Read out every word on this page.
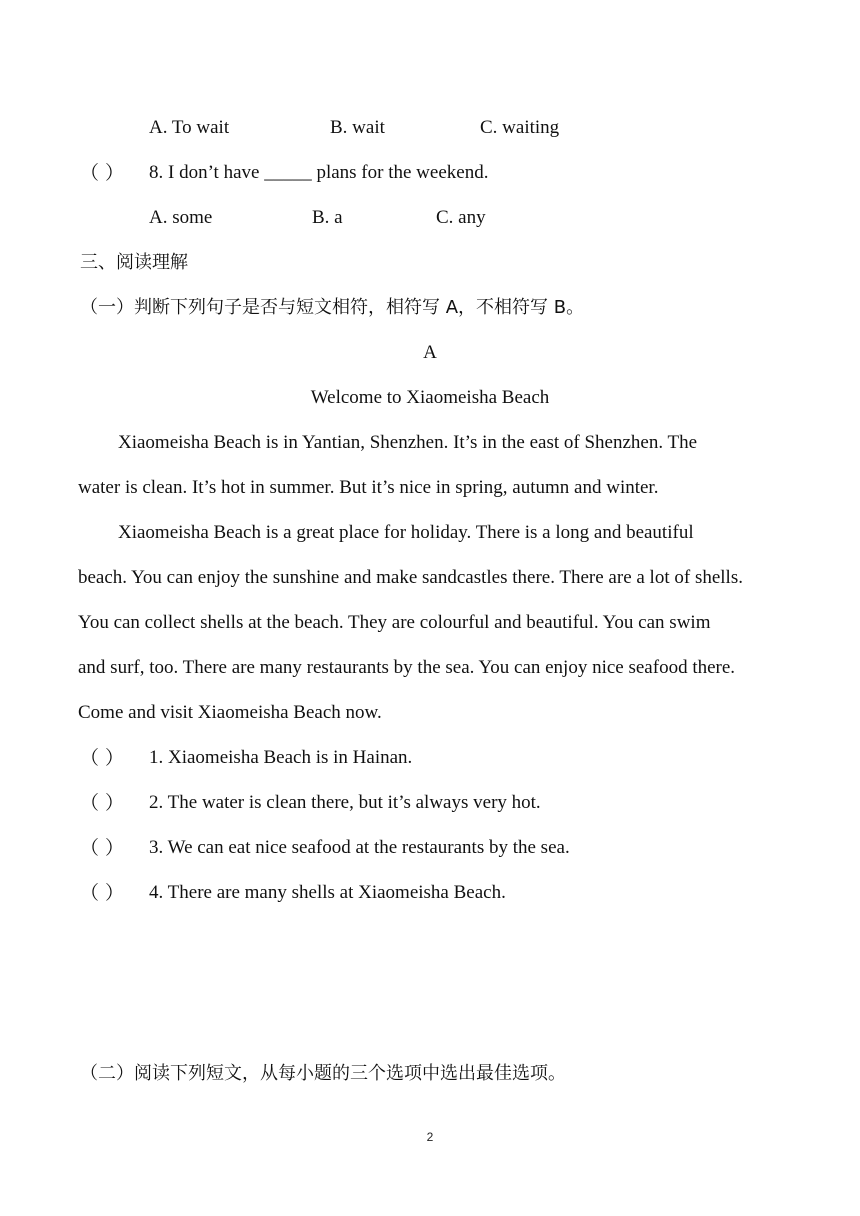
A. To wait	B. wait	C. waiting
（ ） 8. I don’t have _____ plans for the weekend.
A. some	B. a	C. any
三、阅读理解
（一）判断下列句子是否与短文相符，相符写 A，不相符写 B。
A
Welcome to Xiaomeisha Beach
Xiaomeisha Beach is in Yantian, Shenzhen. It’s in the east of Shenzhen. The
water is clean. It’s hot in summer. But it’s nice in spring, autumn and winter.
Xiaomeisha Beach is a great place for holiday. There is a long and beautiful
beach. You can enjoy the sunshine and make sandcastles there. There are a lot of shells.
You can collect shells at the beach. They are colourful and beautiful. You can swim
and surf, too. There are many restaurants by the sea. You can enjoy nice seafood there.
Come and visit Xiaomeisha Beach now.
（ ） 1. Xiaomeisha Beach is in Hainan.
（ ） 2. The water is clean there, but it’s always very hot.
（ ） 3. We can eat nice seafood at the restaurants by the sea.
（ ） 4. There are many shells at Xiaomeisha Beach.
（二）阅读下列短文，从每小题的三个选项中选出最佳选项。
2
